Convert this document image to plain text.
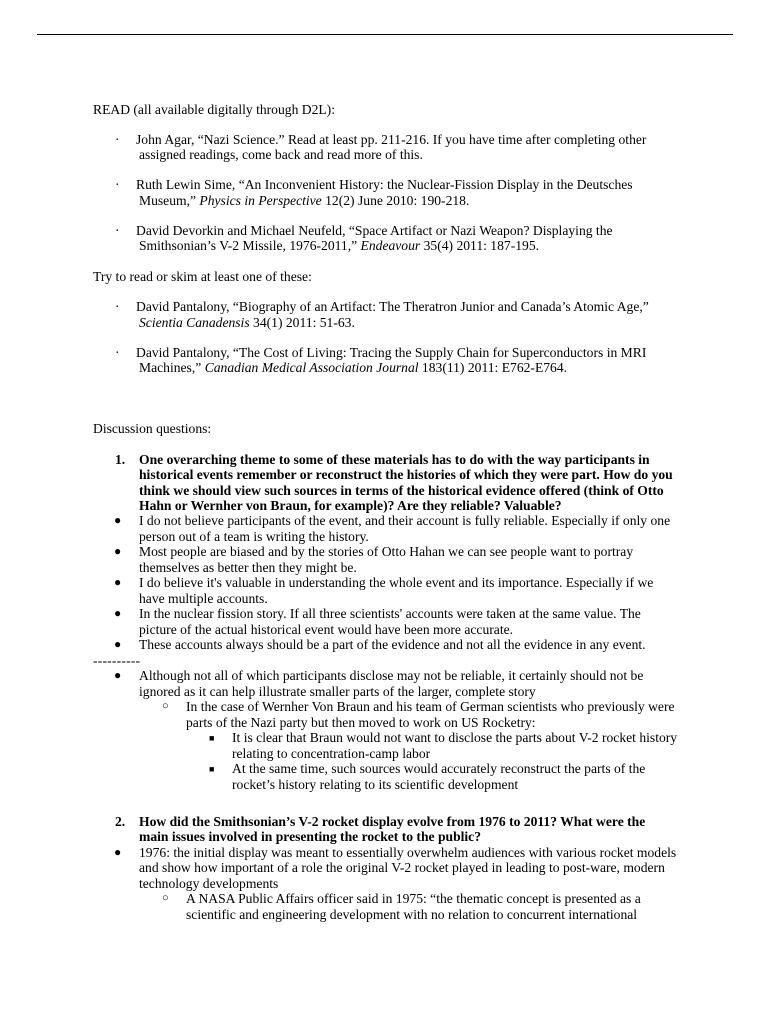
READ (all available digitally through D2L):

· John Agar, “Nazi Science.” Read at least pp. 211-216. If you have time after completing other assigned readings, come back and read more of this.
· Ruth Lewin Sime, “An Inconvenient History: the Nuclear-Fission Display in the Deutsches Museum,” Physics in Perspective 12(2) June 2010: 190-218.
· David Devorkin and Michael Neufeld, “Space Artifact or Nazi Weapon? Displaying the Smithsonian’s V-2 Missile, 1976-2011,” Endeavour 35(4) 2011: 187-195.

Try to read or skim at least one of these:

· David Pantalony, “Biography of an Artifact: The Theratron Junior and Canada’s Atomic Age,” Scientia Canadensis 34(1) 2011: 51-63.
· David Pantalony, “The Cost of Living: Tracing the Supply Chain for Superconductors in MRI Machines,” Canadian Medical Association Journal 183(11) 2011: E762-E764.

Discussion questions:

1. One overarching theme to some of these materials has to do with the way participants in historical events remember or reconstruct the histories of which they were part. How do you think we should view such sources in terms of the historical evidence offered (think of Otto Hahn or Wernher von Braun, for example)? Are they reliable? Valuable?
● I do not believe participants of the event, and their account is fully reliable. Especially if only one person out of a team is writing the history.
● Most people are biased and by the stories of Otto Hahan we can see people want to portray themselves as better then they might be.
● I do believe it's valuable in understanding the whole event and its importance. Especially if we have multiple accounts.
● In the nuclear fission story. If all three scientists' accounts were taken at the same value. The picture of the actual historical event would have been more accurate.
● These accounts always should be a part of the evidence and not all the evidence in any event.
----------
● Although not all of which participants disclose may not be reliable, it certainly should not be ignored as it can help illustrate smaller parts of the larger, complete story
○ In the case of Wernher Von Braun and his team of German scientists who previously were parts of the Nazi party but then moved to work on US Rocketry:
■ It is clear that Braun would not want to disclose the parts about V-2 rocket history relating to concentration-camp labor
■ At the same time, such sources would accurately reconstruct the parts of the rocket’s history relating to its scientific development
2. How did the Smithsonian’s V-2 rocket display evolve from 1976 to 2011? What were the main issues involved in presenting the rocket to the public?
● 1976: the initial display was meant to essentially overwhelm audiences with various rocket models and show how important of a role the original V-2 rocket played in leading to post-ware, modern technology developments
○ A NASA Public Affairs officer said in 1975: “the thematic concept is presented as a scientific and engineering development with no relation to concurrent international
